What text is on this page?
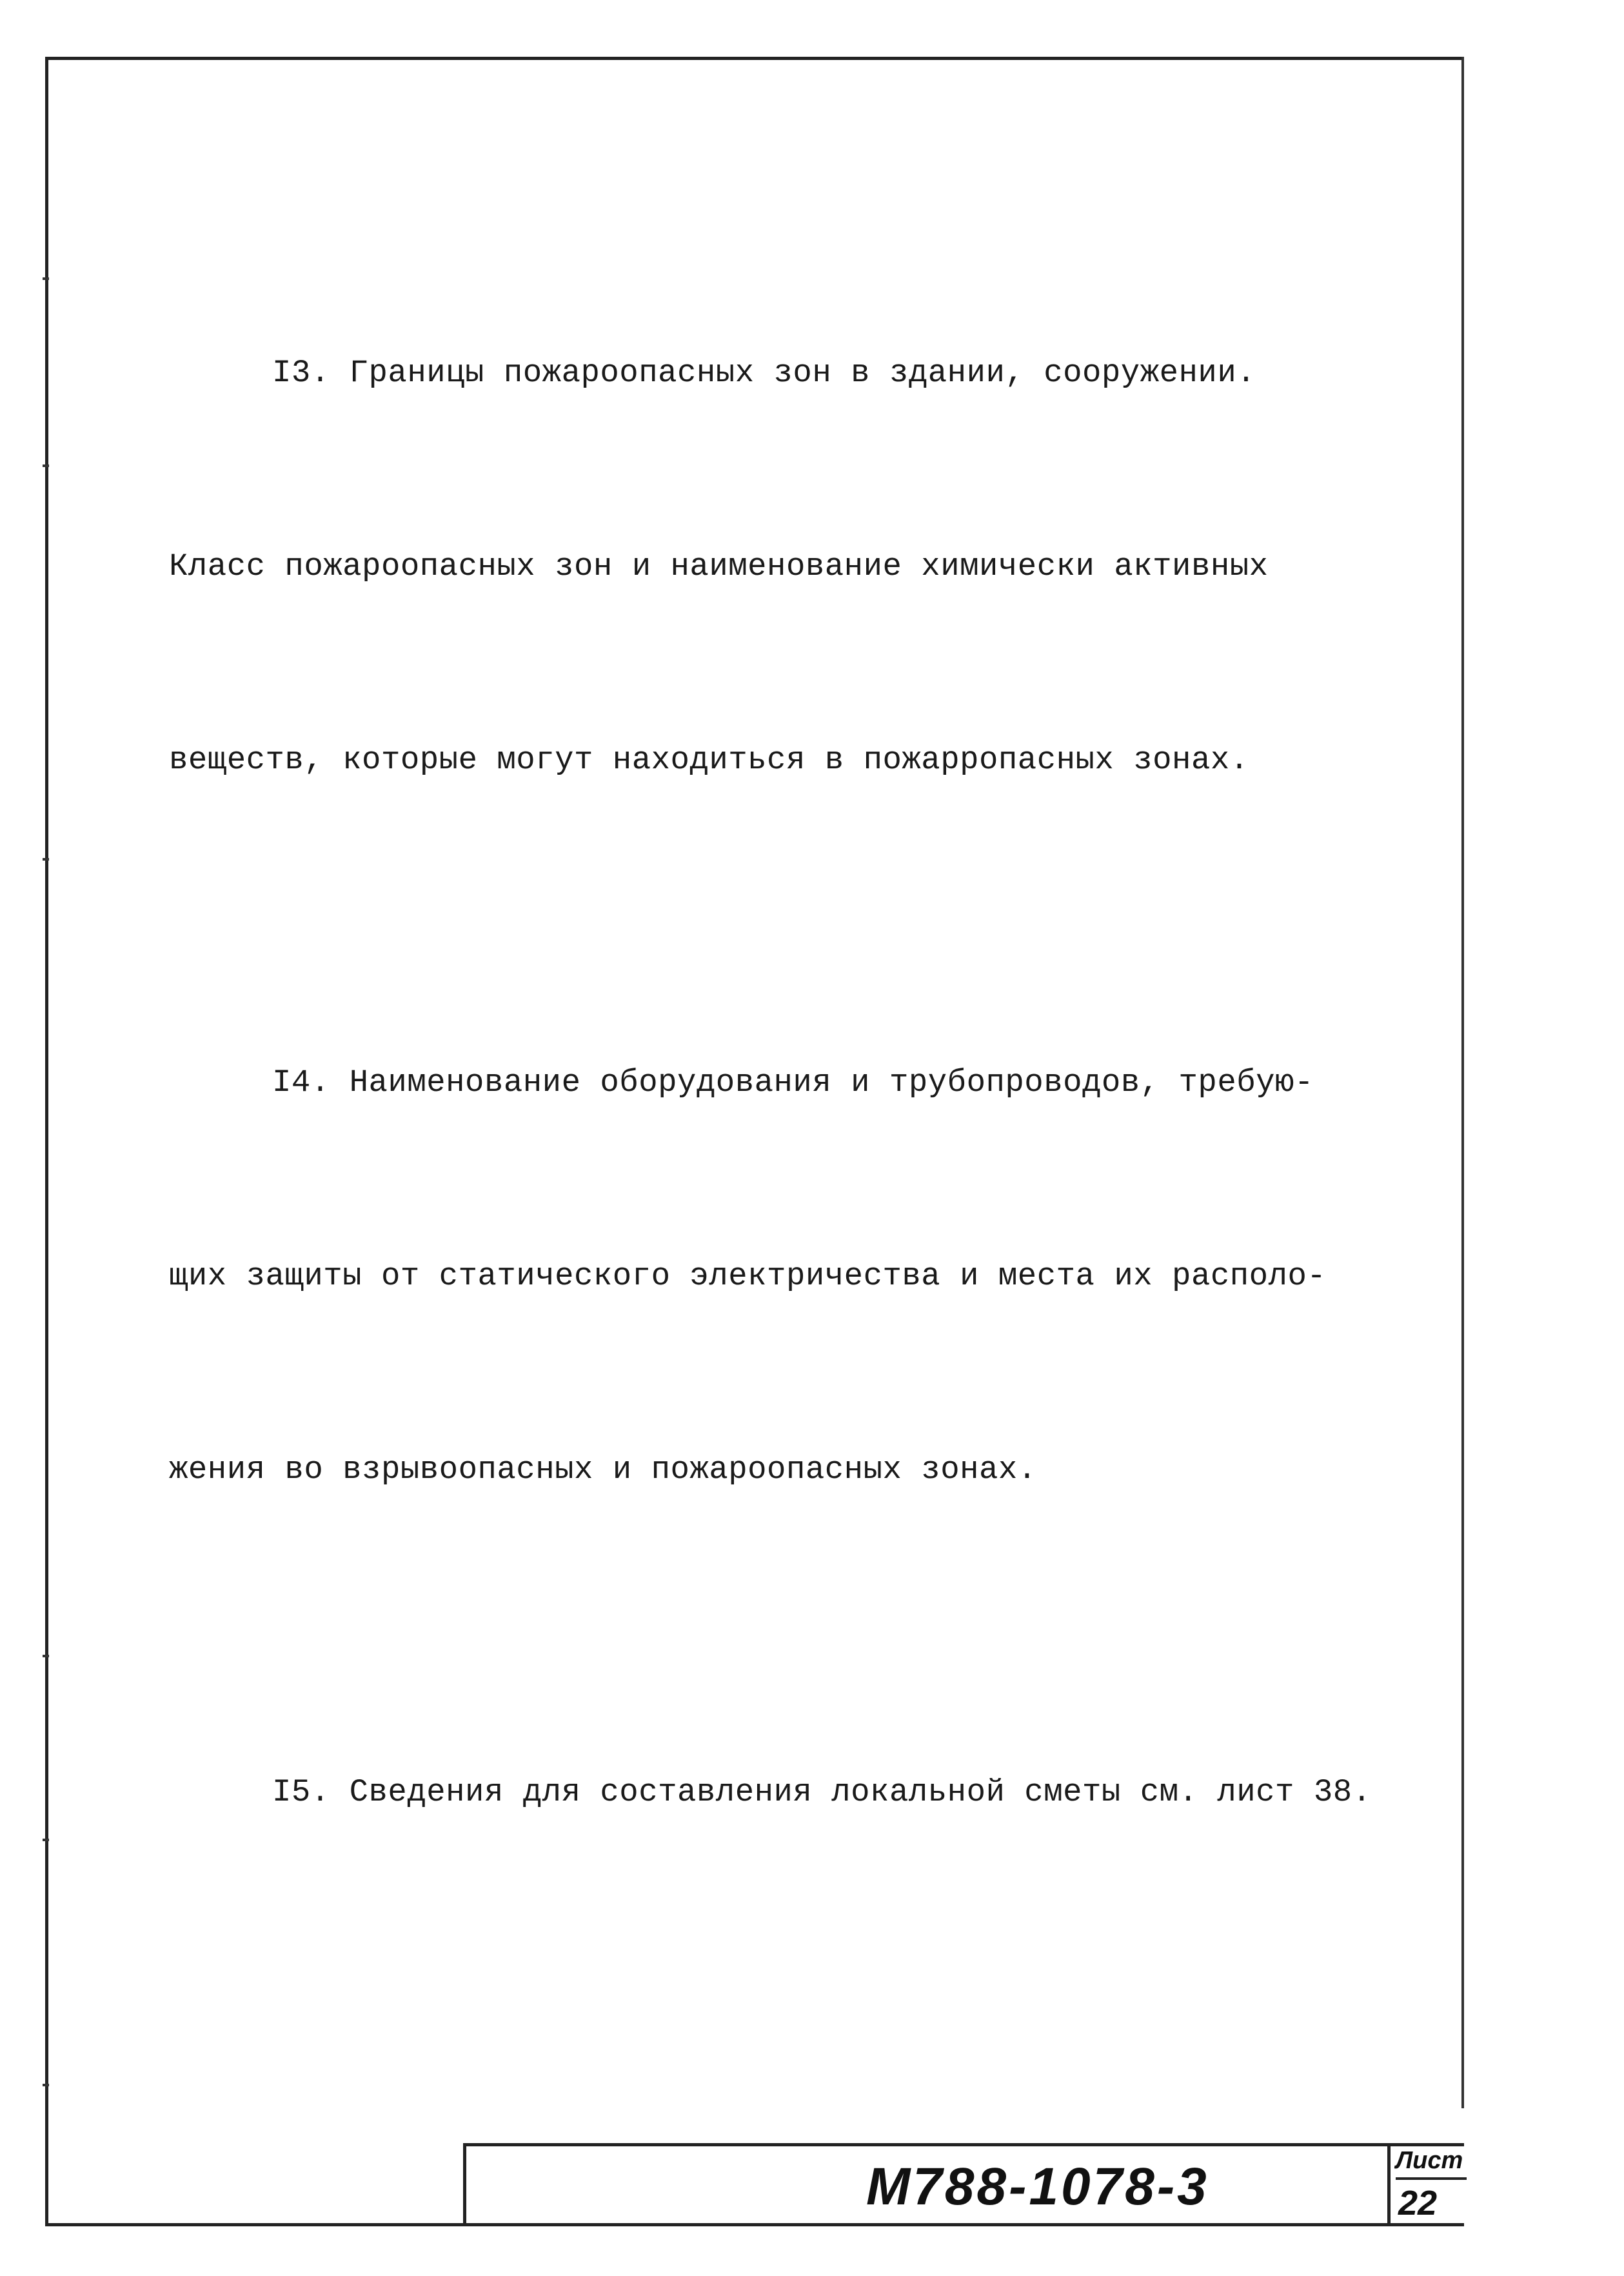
I3. Границы пожароопасных зон в здании, сооружении.

Класс пожароопасных зон и наименование химически активных

веществ, которые могут находиться в пожарропасных зонах.

I4. Наименование оборудования и трубопроводов, требую-

щих защиты от статического электричества и места их располо-

жения во взрывоопасных и пожароопасных зонах.

I5. Сведения для составления локальной сметы см. лист 38.

М788-1078-3	Лист
22
